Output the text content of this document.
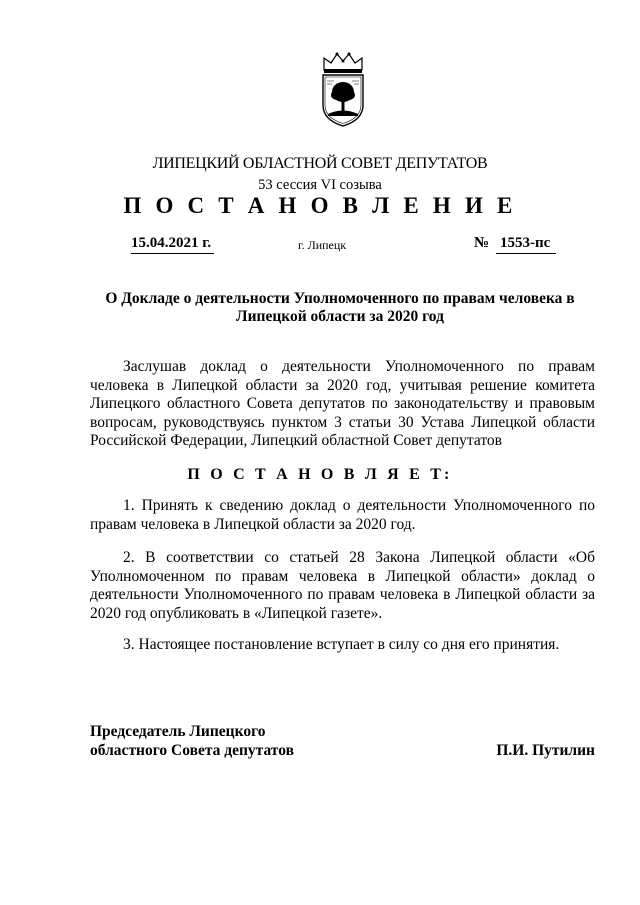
ЛИПЕЦКИЙ ОБЛАСТНОЙ СОВЕТ ДЕПУТАТОВ
53 сессия VI созыва
П О С Т А Н О В Л Е Н И Е
15.04.2021 г.	г. Липецк	№ 1553-пс
О Докладе о деятельности Уполномоченного по правам человека в Липецкой области за 2020 год
Заслушав доклад о деятельности Уполномоченного по правам человека в Липецкой области за 2020 год, учитывая решение комитета Липецкого областного Совета депутатов по законодательству и правовым вопросам, руководствуясь пунктом 3 статьи 30 Устава Липецкой области Российской Федерации, Липецкий областной Совет депутатов
П О С Т А Н О В Л Я Е Т:
1. Принять к сведению доклад о деятельности Уполномоченного по правам человека в Липецкой области за 2020 год.
2. В соответствии со статьей 28 Закона Липецкой области «Об Уполномоченном по правам человека в Липецкой области» доклад о деятельности Уполномоченного по правам человека в Липецкой области за 2020 год опубликовать в «Липецкой газете».
3. Настоящее постановление вступает в силу со дня его принятия.
Председатель Липецкого
областного Совета депутатов	П.И. Путилин
